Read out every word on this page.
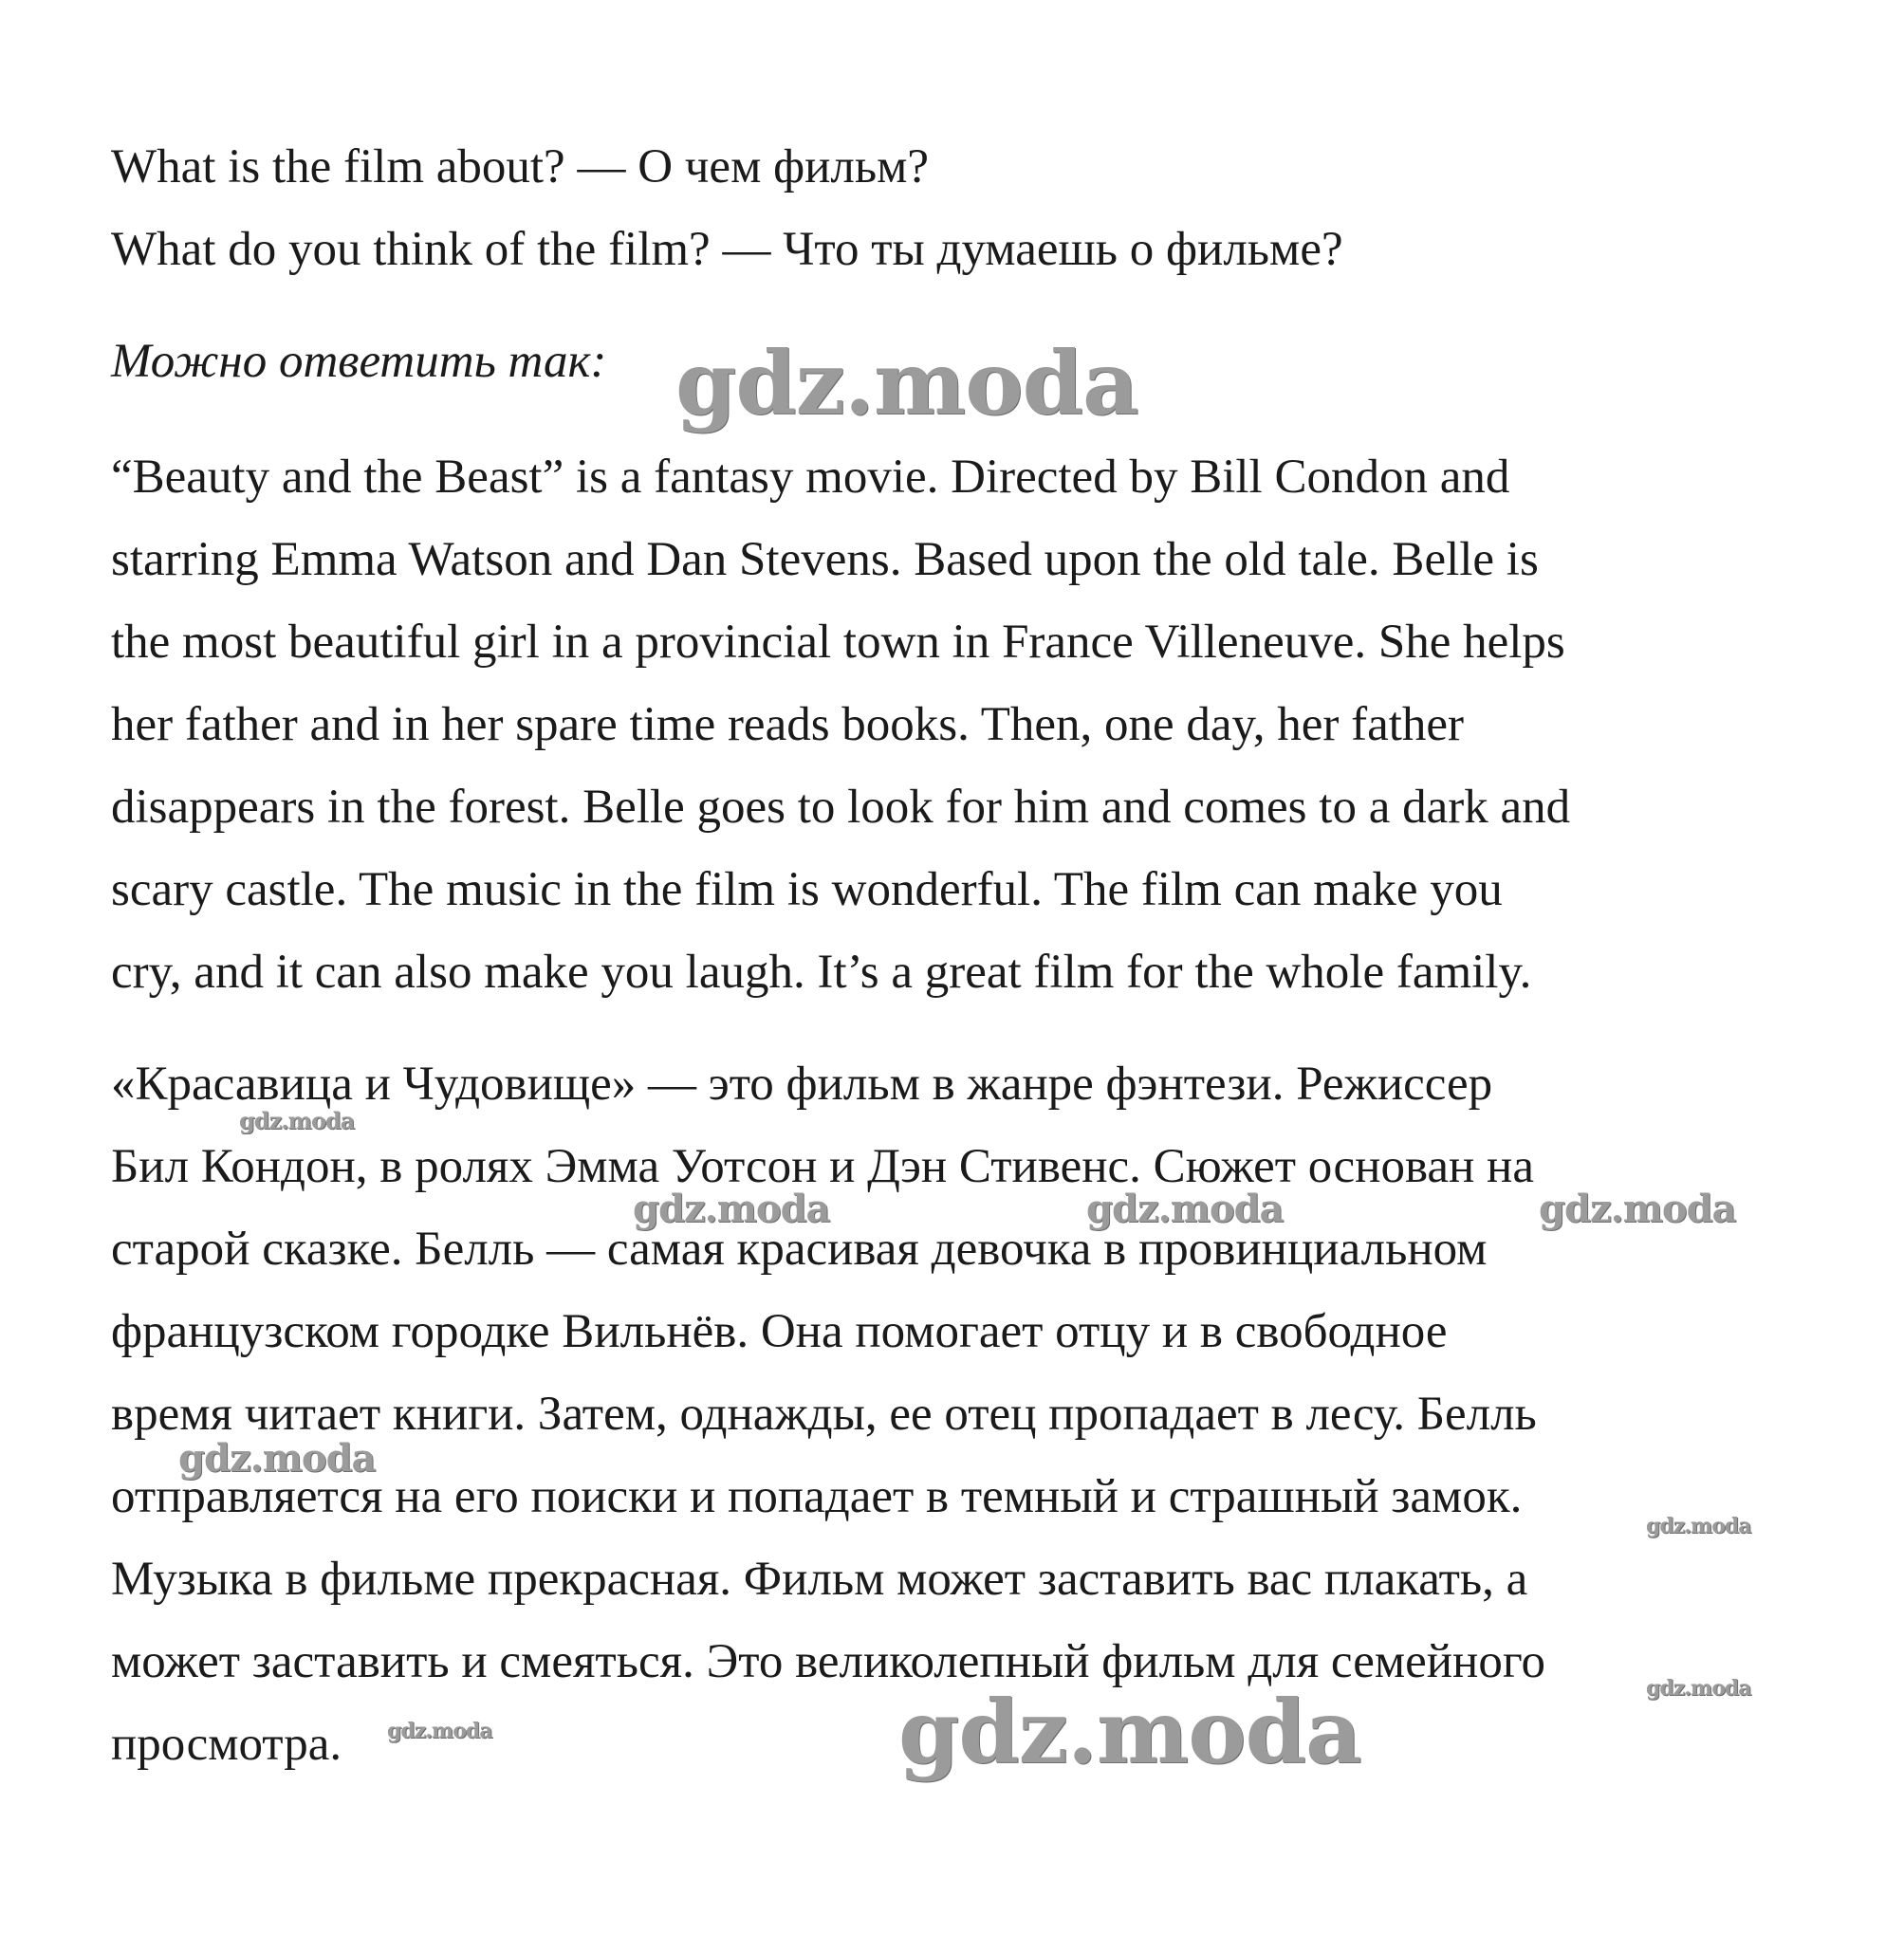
What is the film about? — О чем фильм?
What do you think of the film? — Что ты думаешь о фильме?
Можно ответить так:
“Beauty and the Beast” is a fantasy movie. Directed by Bill Condon and
starring Emma Watson and Dan Stevens. Based upon the old tale. Belle is
the most beautiful girl in a provincial town in France Villeneuve. She helps
her father and in her spare time reads books. Then, one day, her father
disappears in the forest. Belle goes to look for him and comes to a dark and
scary castle. The music in the film is wonderful. The film can make you
cry, and it can also make you laugh. It’s a great film for the whole family.
«Красавица и Чудовище» — это фильм в жанре фэнтези. Режиссер
Бил Кондон, в ролях Эмма Уотсон и Дэн Стивенс. Сюжет основан на
старой сказке. Белль — самая красивая девочка в провинциальном
французском городке Вильнёв. Она помогает отцу и в свободное
время читает книги. Затем, однажды, ее отец пропадает в лесу. Белль
отправляется на его поиски и попадает в темный и страшный замок.
Музыка в фильме прекрасная. Фильм может заставить вас плакать, а
может заставить и смеяться. Это великолепный фильм для семейного
просмотра.
gdz.moda
gdz.moda
gdz.moda	gdz.moda	gdz.moda
gdz.moda
gdz.moda
gdz.moda
gdz.moda
gdz.moda
